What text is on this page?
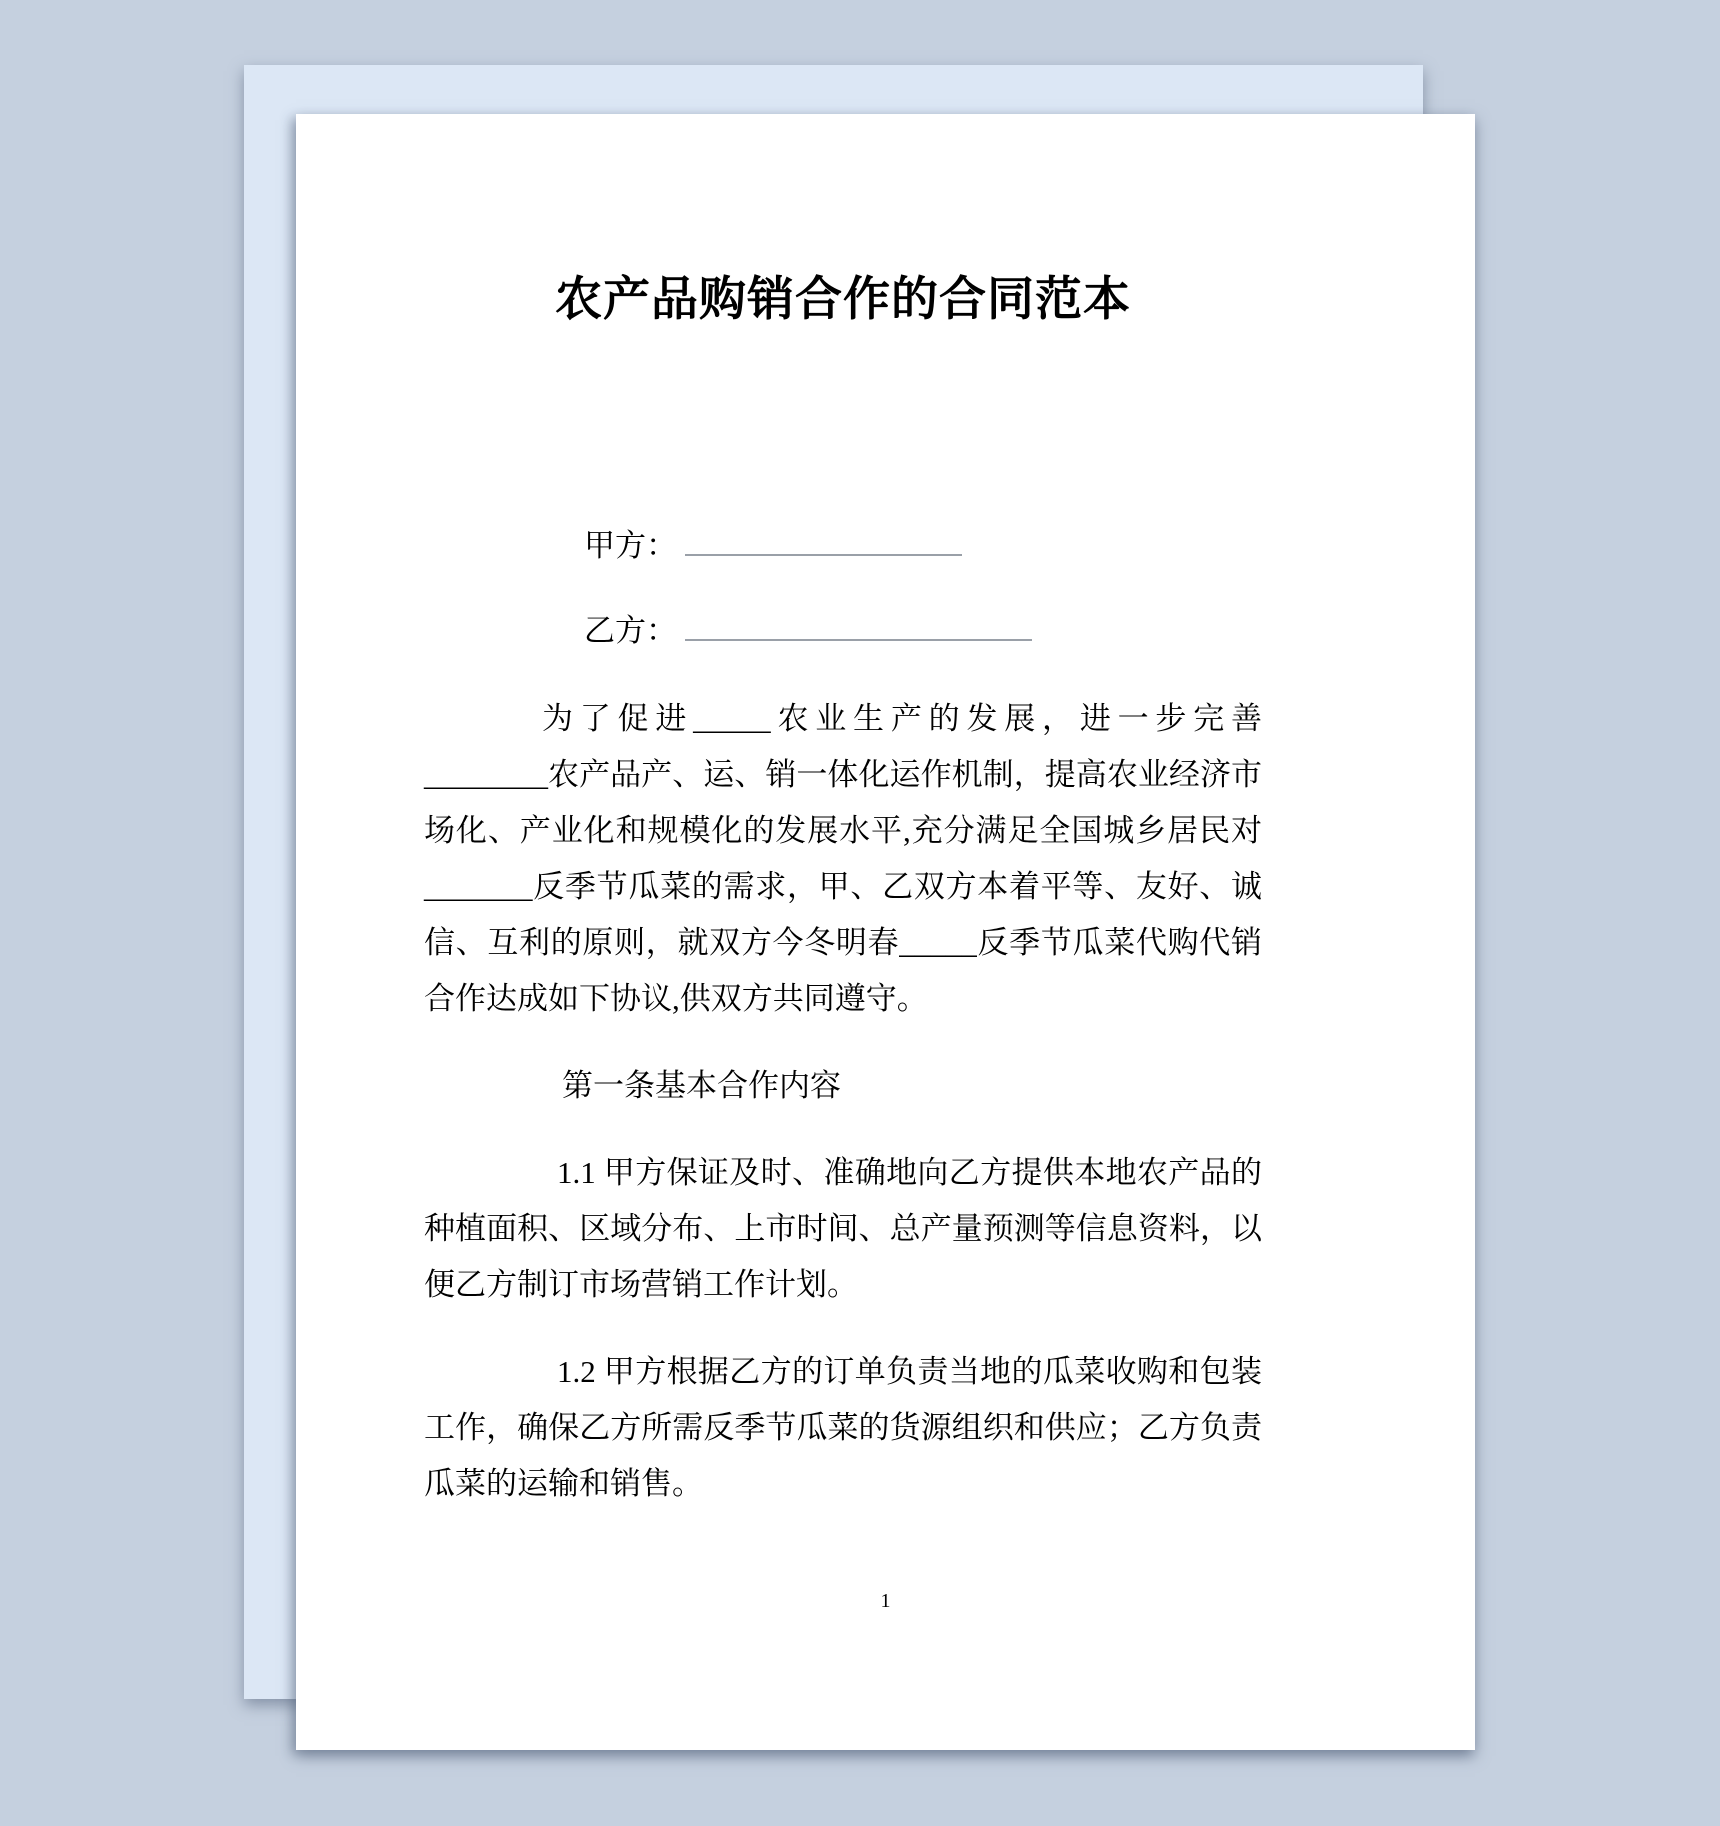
农产品购销合作的合同范本

甲方：

乙方：

为了促进_____农业生产的发展，进一步完善________农产品产、运、销一体化运作机制，提高农业经济市场化、产业化和规模化的发展水平,充分满足全国城乡居民对_______反季节瓜菜的需求，甲、乙双方本着平等、友好、诚信、互利的原则，就双方今冬明春_____反季节瓜菜代购代销合作达成如下协议,供双方共同遵守。

第一条基本合作内容

1.1 甲方保证及时、准确地向乙方提供本地农产品的种植面积、区域分布、上市时间、总产量预测等信息资料，以便乙方制订市场营销工作计划。

1.2 甲方根据乙方的订单负责当地的瓜菜收购和包装工作，确保乙方所需反季节瓜菜的货源组织和供应；乙方负责瓜菜的运输和销售。

1
